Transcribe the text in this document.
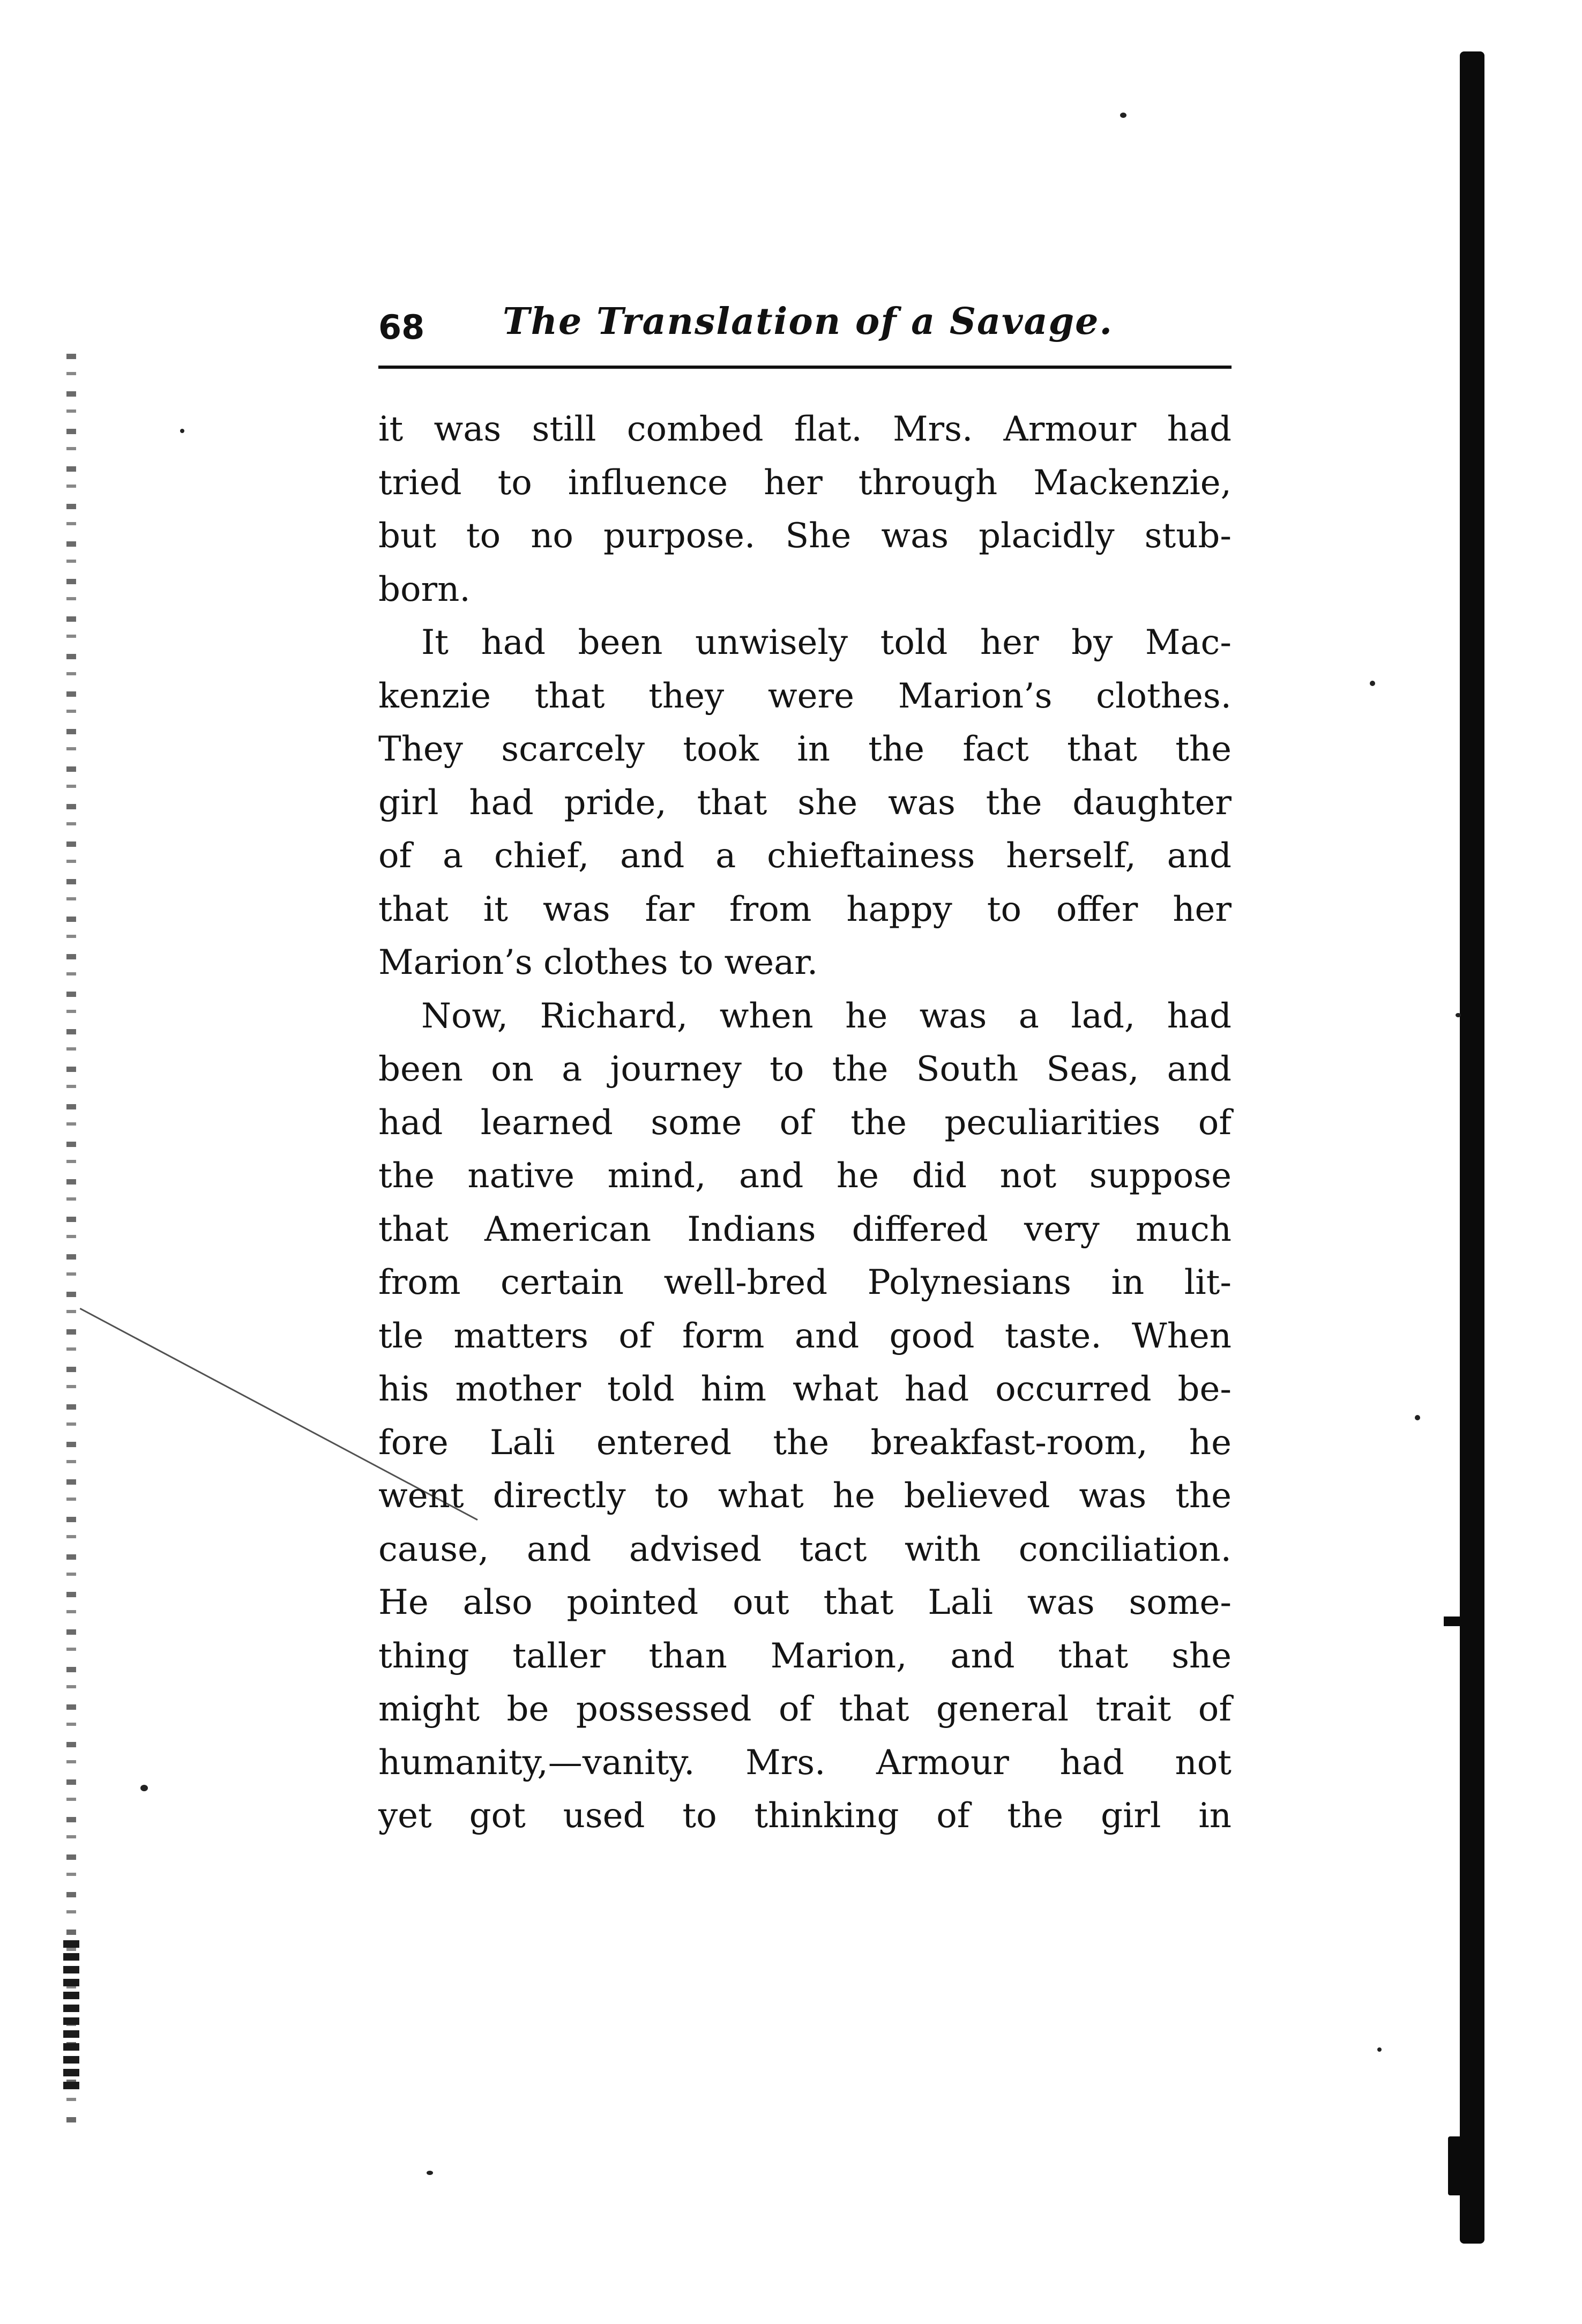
68 The Translation of a Savage.
it was still combed flat. Mrs. Armour had
tried to influence her through Mackenzie,
but to no purpose. She was placidly stub-
born.
It had been unwisely told her by Mac-
kenzie that they were Marion’s clothes.
They scarcely took in the fact that the
girl had pride, that she was the daughter
of a chief, and a chieftainess herself, and
that it was far from happy to offer her
Marion’s clothes to wear.
Now, Richard, when he was a lad, had
been on a journey to the South Seas, and
had learned some of the peculiarities of
the native mind, and he did not suppose
that American Indians differed very much
from certain well-bred Polynesians in lit-
tle matters of form and good taste. When
his mother told him what had occurred be-
fore Lali entered the breakfast-room, he
went directly to what he believed was the
cause, and advised tact with conciliation.
He also pointed out that Lali was some-
thing taller than Marion, and that she
might be possessed of that general trait of
humanity,—vanity. Mrs. Armour had not
yet got used to thinking of the girl in
